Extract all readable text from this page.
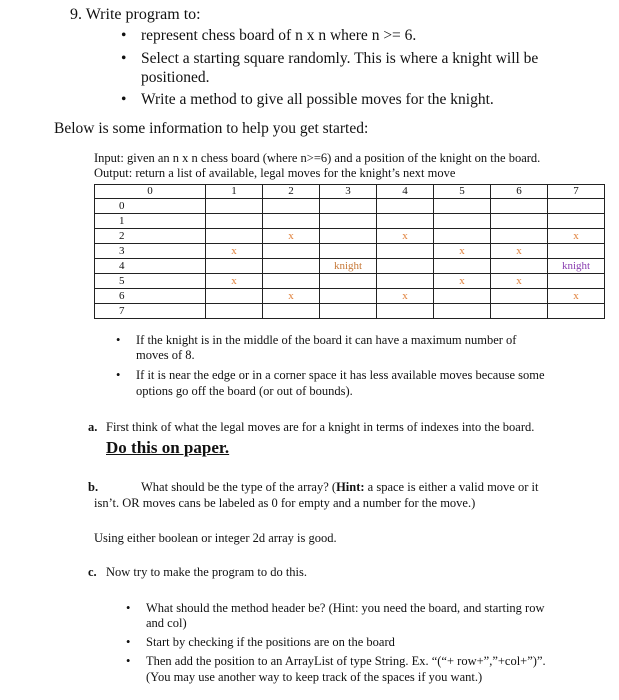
9. Write program to:
• represent chess board of n x n where n >= 6.
• Select a starting square randomly. This is where a knight will be
positioned.
• Write a method to give all possible moves for the knight.
Below is some information to help you get started:
Input: given an n x n chess board (where n>=6) and a position of the knight on the board.
Output: return a list of available, legal moves for the knight’s next move
0	1	2	3	4	5	6	7
0							
1							
2		x		x			x
3	x				x	x	
4			knight				knight
5	x				x	x	
6		x		x			x
7							
• If the knight is in the middle of the board it can have a maximum number of
moves of 8.
• If it is near the edge or in a corner space it has less available moves because some
options go off the board (or out of bounds).
a. First think of what the legal moves are for a knight in terms of indexes into the board.
Do this on paper.
b.	What should be the type of the array? (Hint: a space is either a valid move or it
isn’t. OR moves cans be labeled as 0 for empty and a number for the move.)
Using either boolean or integer 2d array is good.
c. Now try to make the program to do this.
• What should the method header be? (Hint: you need the board, and starting row
and col)
• Start by checking if the positions are on the board
• Then add the position to an ArrayList of type String. Ex. “(“+ row+”,”+col+”)”.
(You may use another way to keep track of the spaces if you want.)
